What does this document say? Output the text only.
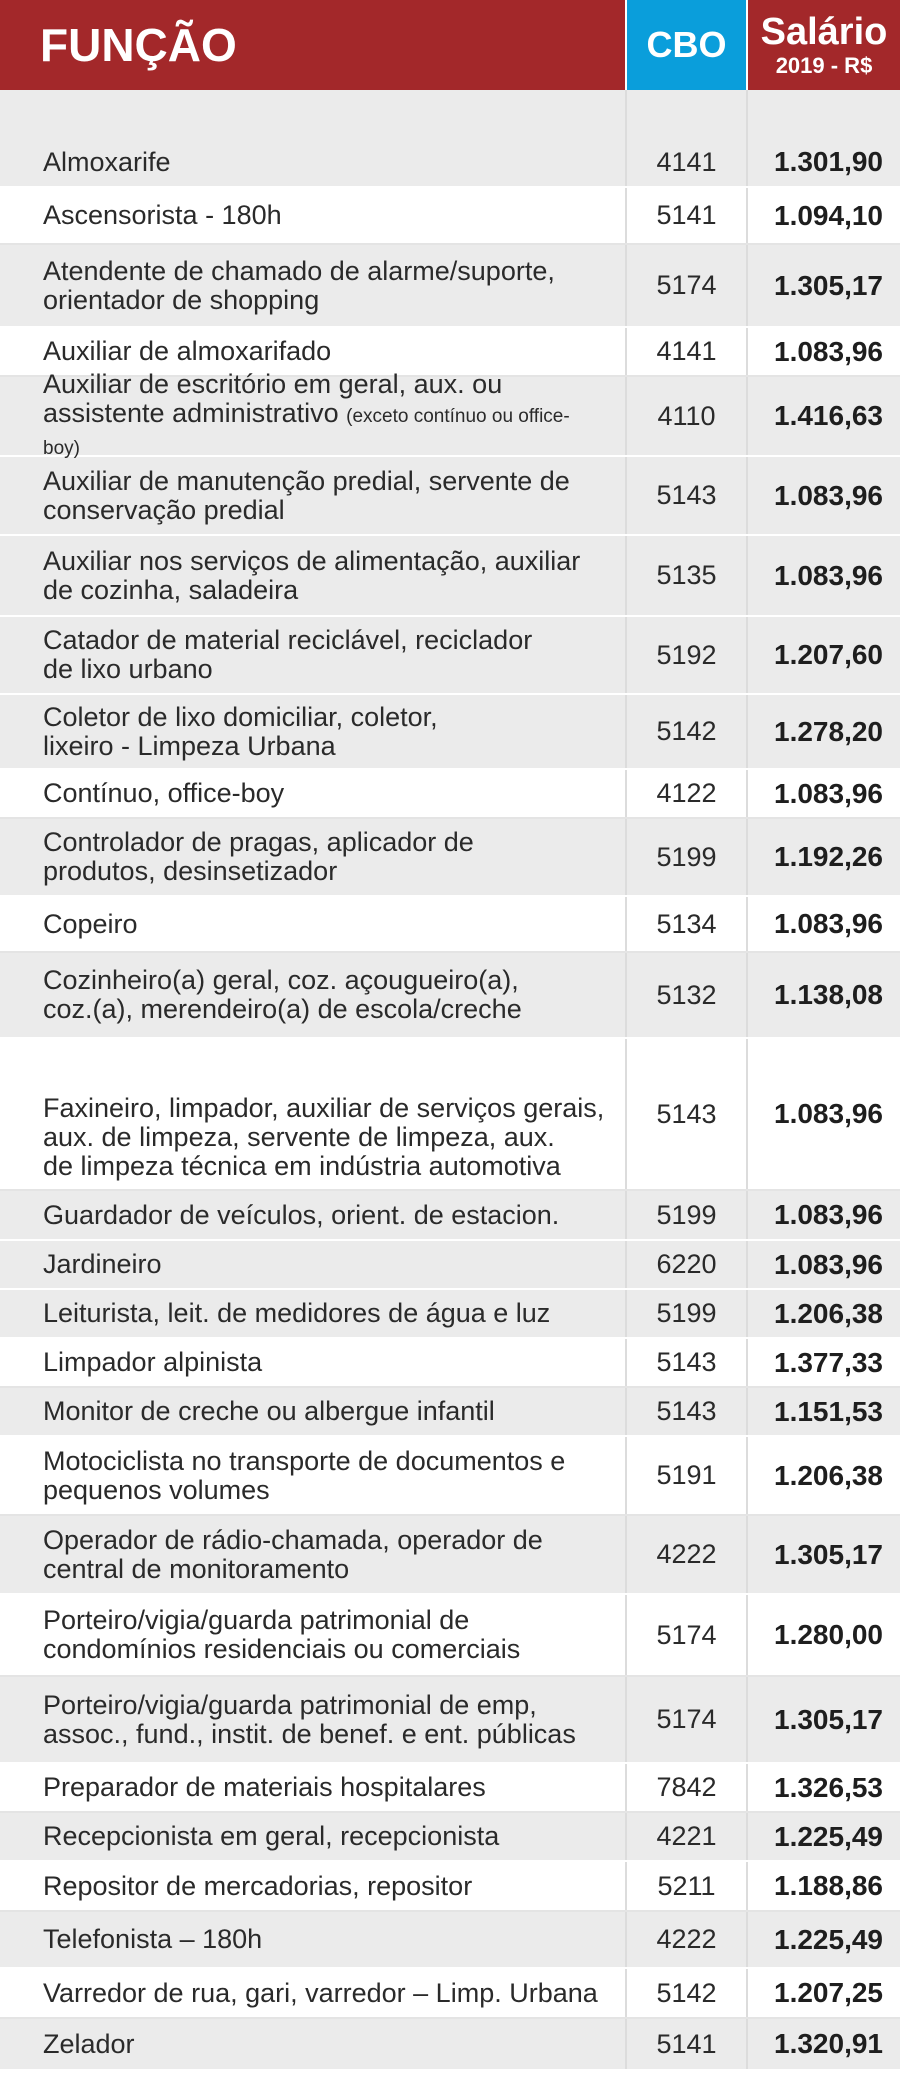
FUNÇÃO	CBO Salário
2019 - R$
Almoxarife	4141	1.301,90
Ascensorista - 180h	5141	1.094,10
Atendente de chamado de alarme/suporte,
orientador de shopping	5174	1.305,17
Auxiliar de almoxarifado	4141	1.083,96
Auxiliar de escritório em geral, aux. ou
assistente administrativo (exceto contínuo ou office-boy)
4110	1.416,63
Auxiliar de manutenção predial, servente de
conservação predial	5143	1.083,96
Auxiliar nos serviços de alimentação, auxiliar
de cozinha, saladeira	5135	1.083,96
Catador de material reciclável, reciclador
de lixo urbano	5192	1.207,60
Coletor de lixo domiciliar, coletor,
lixeiro - Limpeza Urbana	5142	1.278,20
Contínuo, office-boy	4122	1.083,96
Controlador de pragas, aplicador de
produtos, desinsetizador	5199	1.192,26
Copeiro	5134	1.083,96
Cozinheiro(a) geral, coz. açougueiro(a),
coz.(a), merendeiro(a) de escola/creche	5132	1.138,08
Faxineiro, limpador, auxiliar de serviços gerais,
aux. de limpeza, servente de limpeza, aux.
de limpeza técnica em indústria automotiva
5143	1.083,96
Guardador de veículos, orient. de estacion.	5199	1.083,96
Jardineiro	6220	1.083,96
Leiturista, leit. de medidores de água e luz	5199	1.206,38
Limpador alpinista	5143	1.377,33
Monitor de creche ou albergue infantil	5143	1.151,53
Motociclista no transporte de documentos e
pequenos volumes	5191	1.206,38
Operador de rádio-chamada, operador de
central de monitoramento	4222	1.305,17
Porteiro/vigia/guarda patrimonial de
condomínios residenciais ou comerciais	5174	1.280,00
Porteiro/vigia/guarda patrimonial de emp,
assoc., fund., instit. de benef. e ent. públicas	5174	1.305,17
Preparador de materiais hospitalares	7842	1.326,53
Recepcionista em geral, recepcionista	4221	1.225,49
Repositor de mercadorias, repositor	5211	1.188,86
Telefonista – 180h	4222	1.225,49
Varredor de rua, gari, varredor – Limp. Urbana	5142	1.207,25
Zelador	5141	1.320,91
